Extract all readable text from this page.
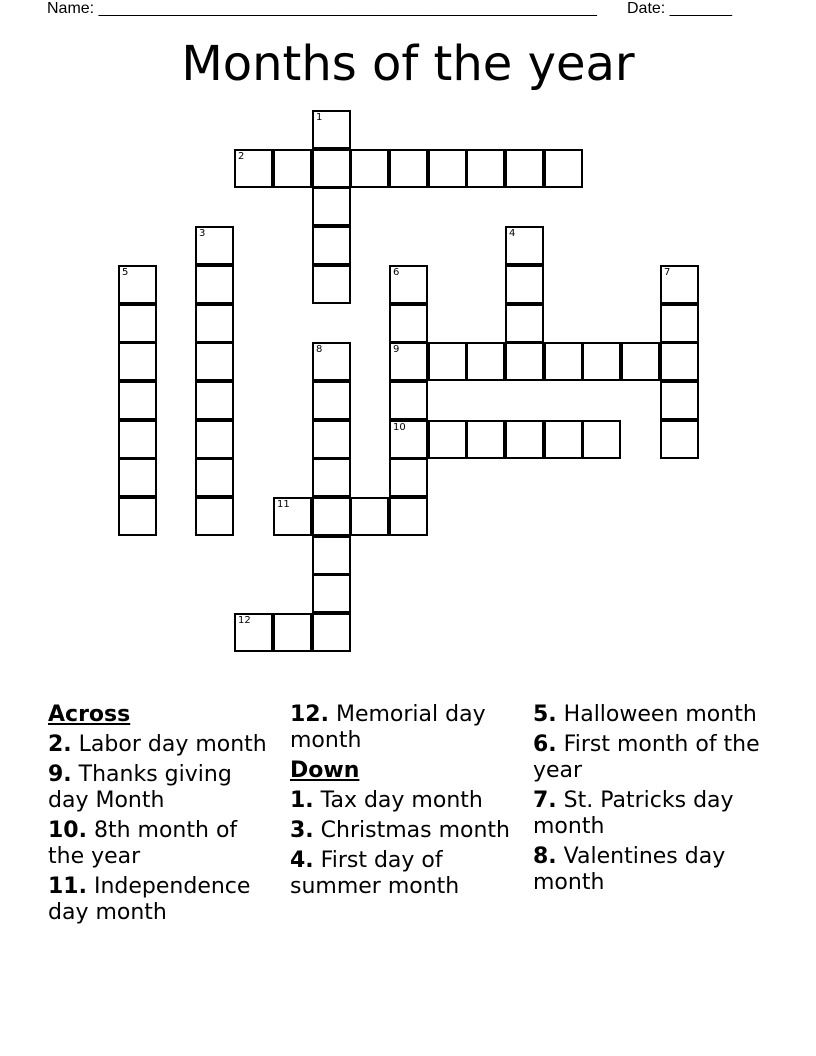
Name: ________________________________________________________ Date: _______
Months of the year
1
2
3	4
5	6	7
8	9
10
11
12
Across
2. Labor day month
9. Thanks giving day Month
10. 8th month of the year
11. Independence day month
12. Memorial day month
Down
1. Tax day month
3. Christmas month
4. First day of summer month
5. Halloween month
6. First month of the year
7. St. Patricks day month
8. Valentines day month
